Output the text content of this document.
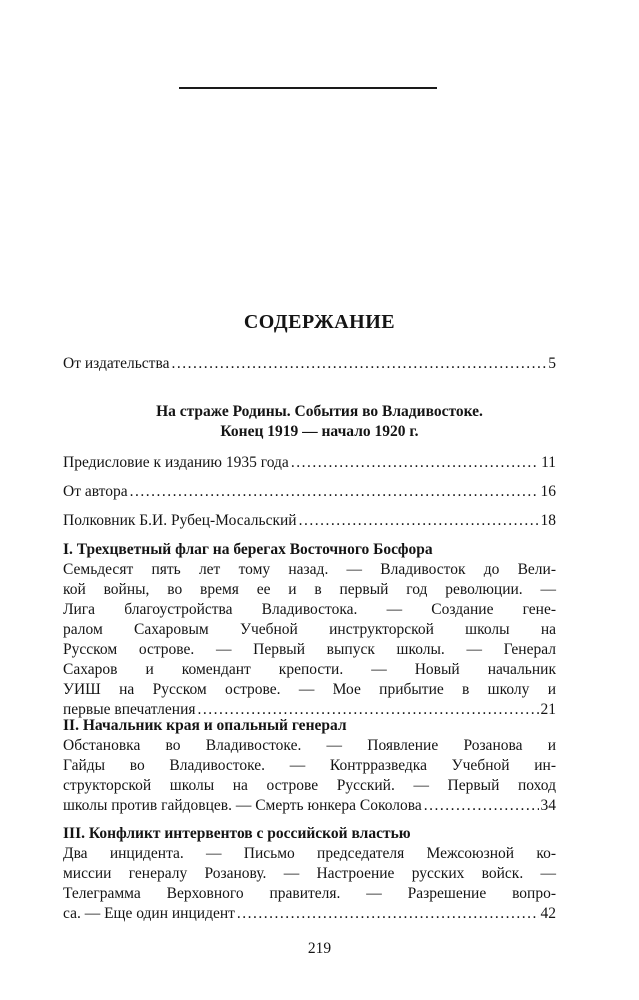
СОДЕРЖАНИЕ
От издательства .....	5
На страже Родины. События во Владивостоке.
Конец 1919 — начало 1920 г.
Предисловие к изданию 1935 года .....	11
От автора .....	16
Полковник Б.И. Рубец-Мосальский .....	18
I. Трехцветный флаг на берегах Восточного Босфора
Семьдесят пять лет тому назад. — Владивосток до Вели-
кой войны, во время ее и в первый год революции. —
Лига благоустройства Владивостока. — Создание гене-
ралом Сахаровым Учебной инструкторской школы на
Русском острове. — Первый выпуск школы. — Генерал
Сахаров и комендант крепости. — Новый начальник
УИШ на Русском острове. — Мое прибытие в школу и
первые впечатления .....	21
II. Начальник края и опальный генерал
Обстановка во Владивостоке. — Появление Розанова и
Гайды во Владивостоке. — Контрразведка Учебной ин-
структорской школы на острове Русский. — Первый поход
школы против гайдовцев. — Смерть юнкера Соколова .....	34
III. Конфликт интервентов с российской властью
Два инцидента. — Письмо председателя Межсоюзной ко-
миссии генералу Розанову. — Настроение русских войск. —
Телеграмма Верховного правителя. — Разрешение вопро-
са. — Еще один инцидент .....	42
219
